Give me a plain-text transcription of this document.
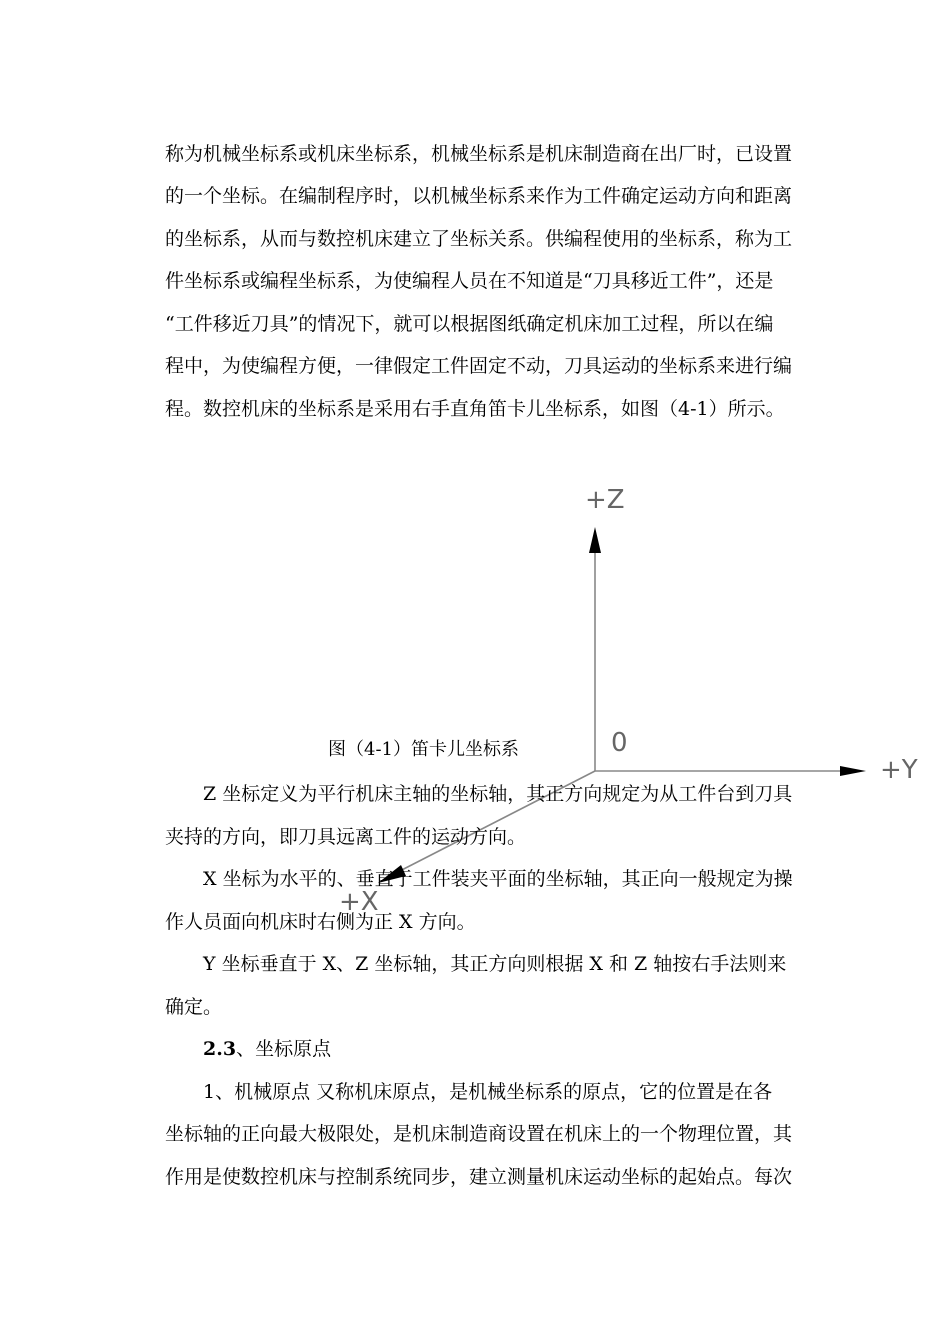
称为机械坐标系或机床坐标系，机械坐标系是机床制造商在出厂时，已设置
的一个坐标。在编制程序时，以机械坐标系来作为工件确定运动方向和距离
的坐标系，从而与数控机床建立了坐标关系。供编程使用的坐标系，称为工
件坐标系或编程坐标系，为使编程人员在不知道是“刀具移近工件”，还是
“工件移近刀具”的情况下，就可以根据图纸确定机床加工过程，所以在编
程中，为使编程方便，一律假定工件固定不动，刀具运动的坐标系来进行编
程。数控机床的坐标系是采用右手直角笛卡儿坐标系，如图（4-1）所示。
+Z
+Y
+X
0
图（4-1）笛卡儿坐标系
Z 坐标定义为平行机床主轴的坐标轴，其正方向规定为从工件台到刀具
夹持的方向，即刀具远离工件的运动方向。
X 坐标为水平的、垂直于工件装夹平面的坐标轴，其正向一般规定为操
作人员面向机床时右侧为正 X 方向。
Y 坐标垂直于 X、Z 坐标轴，其正方向则根据 X 和 Z 轴按右手法则来
确定。
2.3、坐标原点
1、机械原点 又称机床原点，是机械坐标系的原点，它的位置是在各
坐标轴的正向最大极限处，是机床制造商设置在机床上的一个物理位置，其
作用是使数控机床与控制系统同步，建立测量机床运动坐标的起始点。每次
